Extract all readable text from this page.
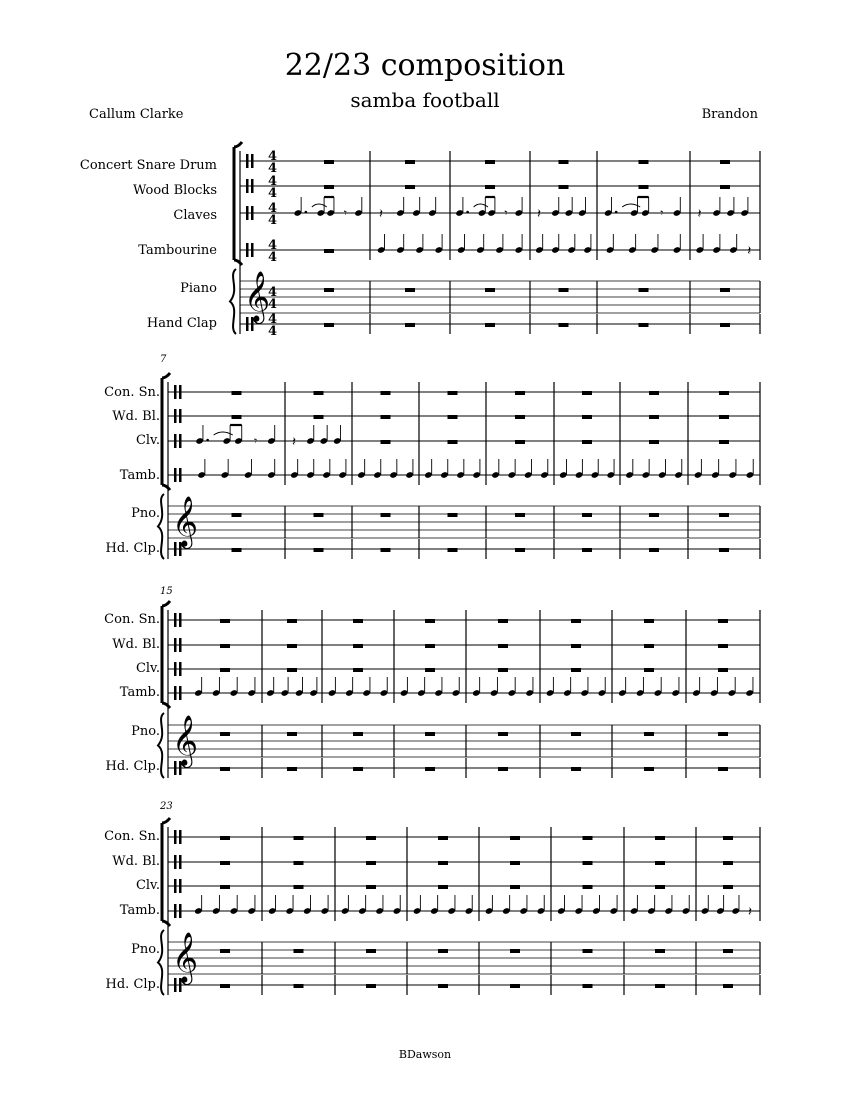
22/23 composition
samba football
Callum Clarke	Brandon
Concert Snare Drum
Wood Blocks
Claves
Tambourine
Piano
Hand Clap
7
Con. Sn.
Wd. Bl.
Clv.
Tamb.
Pno.
Hd. Clp.
15
Con. Sn.
Wd. Bl.
Clv.
Tamb.
Pno.
Hd. Clp.
23
Con. Sn.
Wd. Bl.
Clv.
Tamb.
Pno.
Hd. Clp.
𝄞
4
4
4
4
4
4
4
4
4
4
4
4
𝄾 𝄽	𝄾 𝄽	𝄾	𝄽
𝄽
𝄞
𝄾	𝄽
𝄞
𝄞
𝄽
BDawson
